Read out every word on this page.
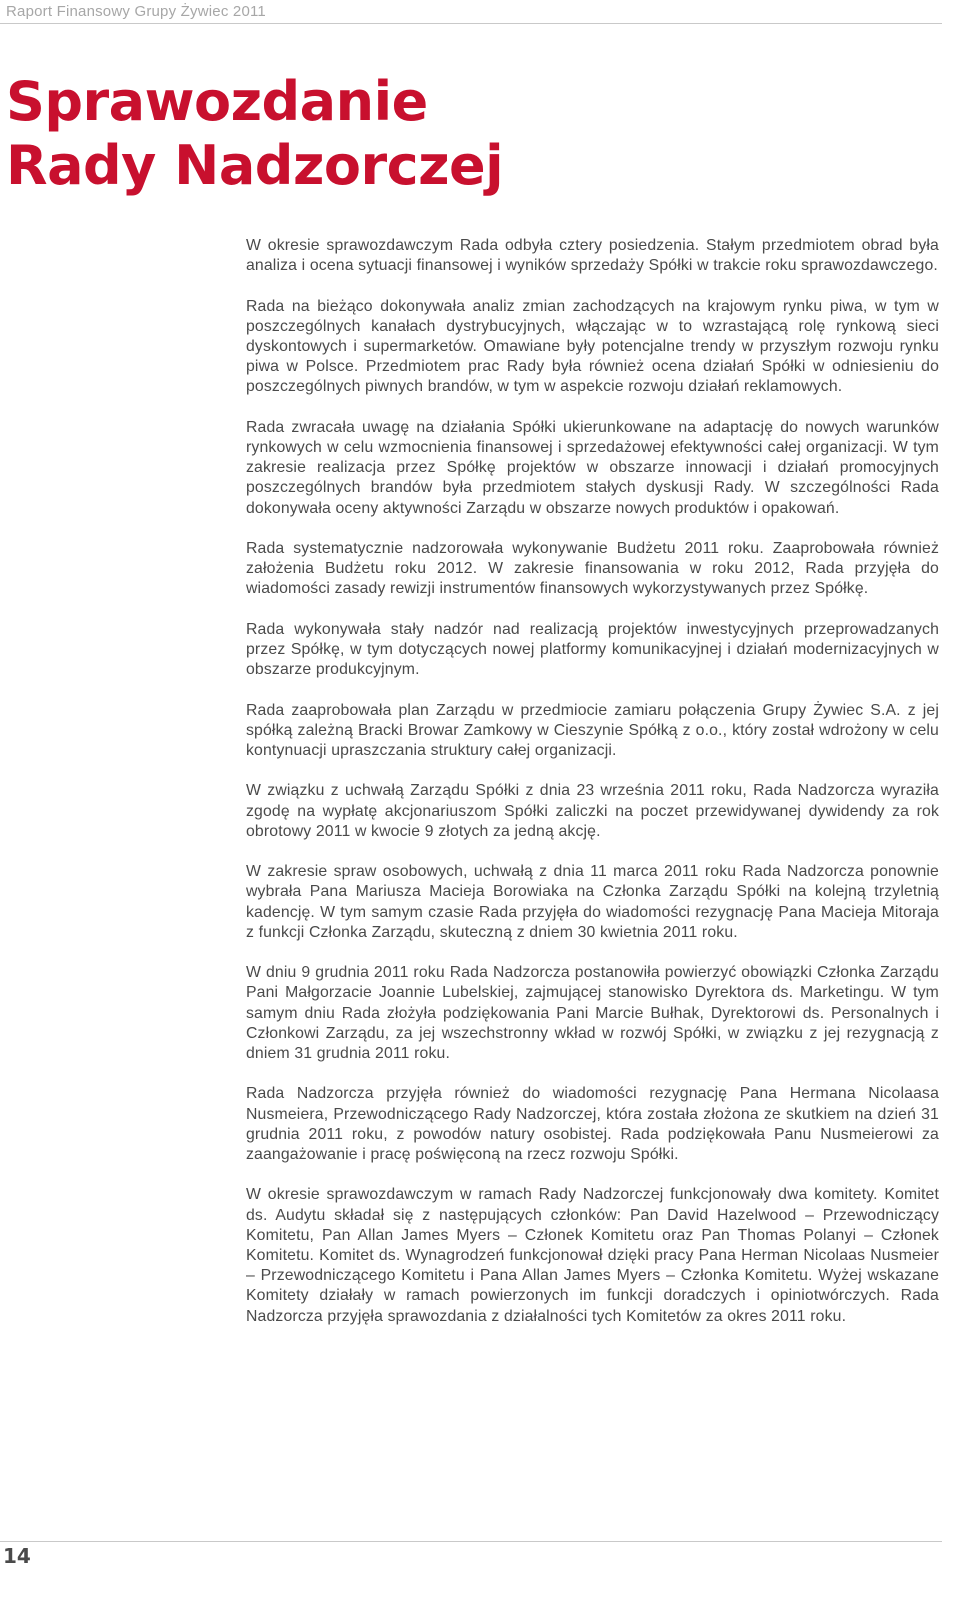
Raport Finansowy Grupy Żywiec 2011
Sprawozdanie
Rady Nadzorczej

W okresie sprawozdawczym Rada odbyła cztery posiedzenia. Stałym przedmiotem obrad była analiza i ocena sytuacji finansowej i wyników sprzedaży Spółki w trakcie roku sprawozdawczego.

Rada na bieżąco dokonywała analiz zmian zachodzących na krajowym rynku piwa, w tym w poszczególnych kanałach dystrybucyjnych, włączając w to wzrastającą rolę rynkową sieci dyskontowych i supermarketów. Omawiane były potencjalne trendy w przyszłym rozwoju rynku piwa w Polsce. Przedmiotem prac Rady była również ocena działań Spółki w odniesieniu do poszczególnych piwnych brandów, w tym w aspekcie rozwoju działań reklamowych.

Rada zwracała uwagę na działania Spółki ukierunkowane na adaptację do nowych warunków rynkowych w celu wzmocnienia finansowej i sprzedażowej efektywności całej organizacji. W tym zakresie realizacja przez Spółkę projektów w obszarze innowacji i działań promocyjnych poszczególnych brandów była przedmiotem stałych dyskusji Rady. W szczególności Rada dokonywała oceny aktywności Zarządu w obszarze nowych produktów i opakowań.

Rada systematycznie nadzorowała wykonywanie Budżetu 2011 roku. Zaaprobowała również założenia Budżetu roku 2012. W zakresie finansowania w roku 2012, Rada przyjęła do wiadomości zasady rewizji instrumentów finansowych wykorzystywanych przez Spółkę.

Rada wykonywała stały nadzór nad realizacją projektów inwestycyjnych przeprowadzanych przez Spółkę, w tym dotyczących nowej platformy komunikacyjnej i działań modernizacyjnych w obszarze produkcyjnym.

Rada zaaprobowała plan Zarządu w przedmiocie zamiaru połączenia Grupy Żywiec S.A. z jej spółką zależną Bracki Browar Zamkowy w Cieszynie Spółką z o.o., który został wdrożony w celu kontynuacji upraszczania struktury całej organizacji.

W związku z uchwałą Zarządu Spółki z dnia 23 września 2011 roku, Rada Nadzorcza wyraziła zgodę na wypłatę akcjonariuszom Spółki zaliczki na poczet przewidywanej dywidendy za rok obrotowy 2011 w kwocie 9 złotych za jedną akcję.

W zakresie spraw osobowych, uchwałą z dnia 11 marca 2011 roku Rada Nadzorcza ponownie wybrała Pana Mariusza Macieja Borowiaka na Członka Zarządu Spółki na kolejną trzyletnią kadencję. W tym samym czasie Rada przyjęła do wiadomości rezygnację Pana Macieja Mitoraja z funkcji Członka Zarządu, skuteczną z dniem 30 kwietnia 2011 roku.

W dniu 9 grudnia 2011 roku Rada Nadzorcza postanowiła powierzyć obowiązki Członka Zarządu Pani Małgorzacie Joannie Lubelskiej, zajmującej stanowisko Dyrektora ds. Marketingu. W tym samym dniu Rada złożyła podziękowania Pani Marcie Bułhak, Dyrektorowi ds. Personalnych i Członkowi Zarządu, za jej wszechstronny wkład w rozwój Spółki, w związku z jej rezygnacją z dniem 31 grudnia 2011 roku.

Rada Nadzorcza przyjęła również do wiadomości rezygnację Pana Hermana Nicolaasa Nusmeiera, Przewodniczącego Rady Nadzorczej, która została złożona ze skutkiem na dzień 31 grudnia 2011 roku, z powodów natury osobistej. Rada podziękowała Panu Nusmeierowi za zaangażowanie i pracę poświęconą na rzecz rozwoju Spółki.

W okresie sprawozdawczym w ramach Rady Nadzorczej funkcjonowały dwa komitety. Komitet ds. Audytu składał się z następujących członków: Pan David Hazelwood – Przewodniczący Komitetu, Pan Allan James Myers – Członek Komitetu oraz Pan Thomas Polanyi – Członek Komitetu. Komitet ds. Wynagrodzeń funkcjonował dzięki pracy Pana Herman Nicolaas Nusmeier – Przewodniczącego Komitetu i Pana Allan James Myers – Członka Komitetu. Wyżej wskazane Komitety działały w ramach powierzonych im funkcji doradczych i opiniotwórczych. Rada Nadzorcza przyjęła sprawozdania z działalności tych Komitetów za okres 2011 roku.

14
